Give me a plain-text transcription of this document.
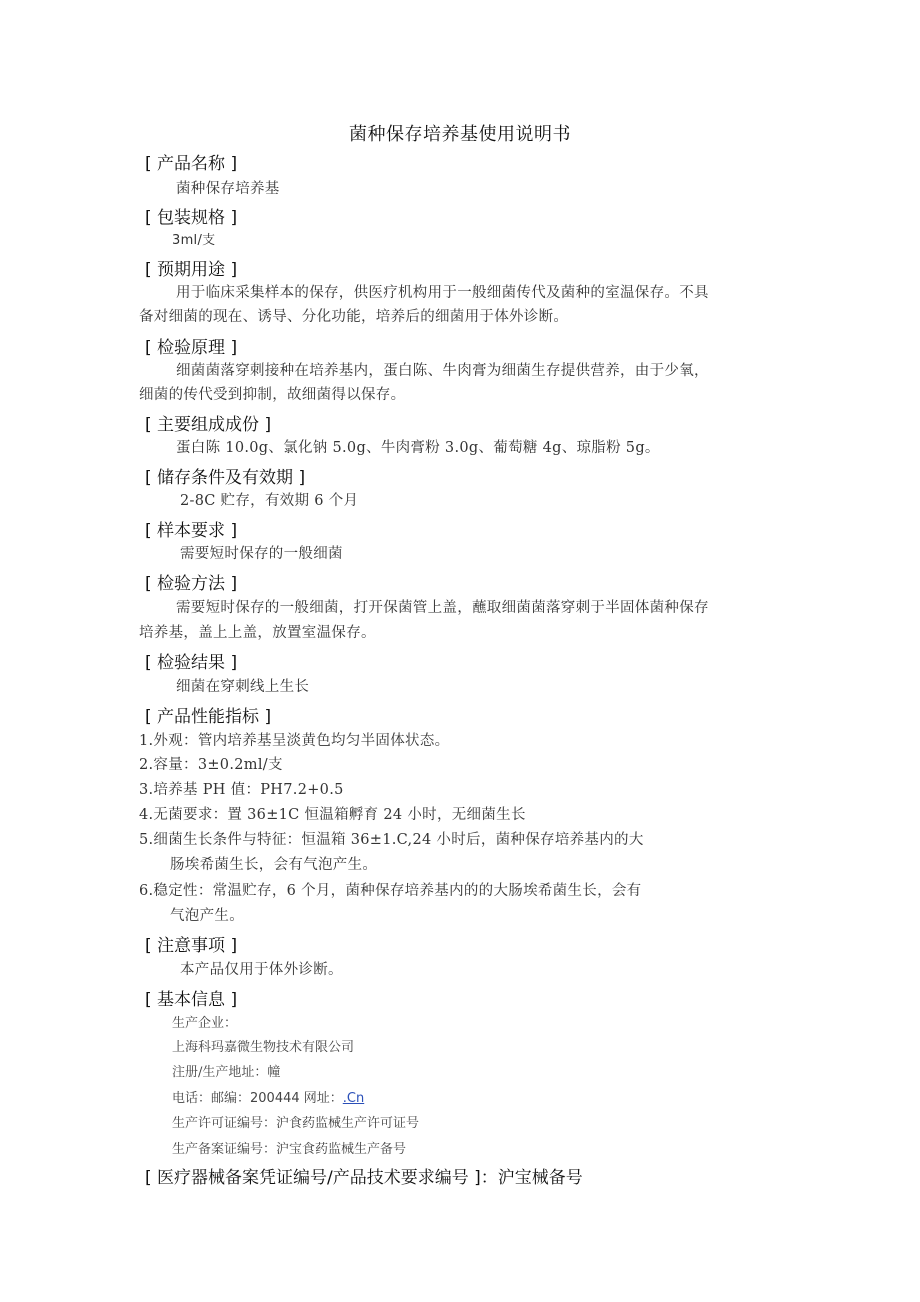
菌种保存培养基使用说明书
[ 产品名称 ]
菌种保存培养基
[ 包装规格 ]
3ml/支
[ 预期用途 ]
用于临床采集样本的保存，供医疗机构用于一般细菌传代及菌种的室温保存。不具
备对细菌的现在、诱导、分化功能，培养后的细菌用于体外诊断。
[ 检验原理 ]
细菌菌落穿刺接种在培养基内，蛋白陈、牛肉膏为细菌生存提供营养，由于少氧，
细菌的传代受到抑制，故细菌得以保存。
[ 主要组成成份 ]
蛋白陈 10.0g、氯化钠 5.0g、牛肉膏粉 3.0g、葡萄糖 4g、琼脂粉 5g。
[ 储存条件及有效期 ]
2-8C 贮存，有效期 6 个月
[ 样本要求 ]
需要短时保存的一般细菌
[ 检验方法 ]
需要短时保存的一般细菌，打开保菌管上盖，蘸取细菌菌落穿刺于半固体菌种保存
培养基，盖上上盖，放置室温保存。
[ 检验结果 ]
细菌在穿刺线上生长
[ 产品性能指标 ]
1.外观：管内培养基呈淡黄色均匀半固体状态。
2.容量：3±0.2ml/支
3.培养基 PH 值：PH7.2+0.5
4.无菌要求：置 36±1C 恒温箱孵育 24 小时，无细菌生长
5.细菌生长条件与特征：恒温箱 36±1.C,24 小时后，菌种保存培养基内的大
肠埃希菌生长，会有气泡产生。
6.稳定性：常温贮存，6 个月，菌种保存培养基内的的大肠埃希菌生长，会有
气泡产生。
[ 注意事项 ]
本产品仅用于体外诊断。
[ 基本信息 ]
生产企业：
上海科玛嘉微生物技术有限公司
注册/生产地址：幢
电话：邮编：200444 网址：.Cn
生产许可证编号：沪食药监械生产许可证号
生产备案证编号：沪宝食药监械生产备号
[ 医疗器械备案凭证编号/产品技术要求编号 ]：沪宝械备号
